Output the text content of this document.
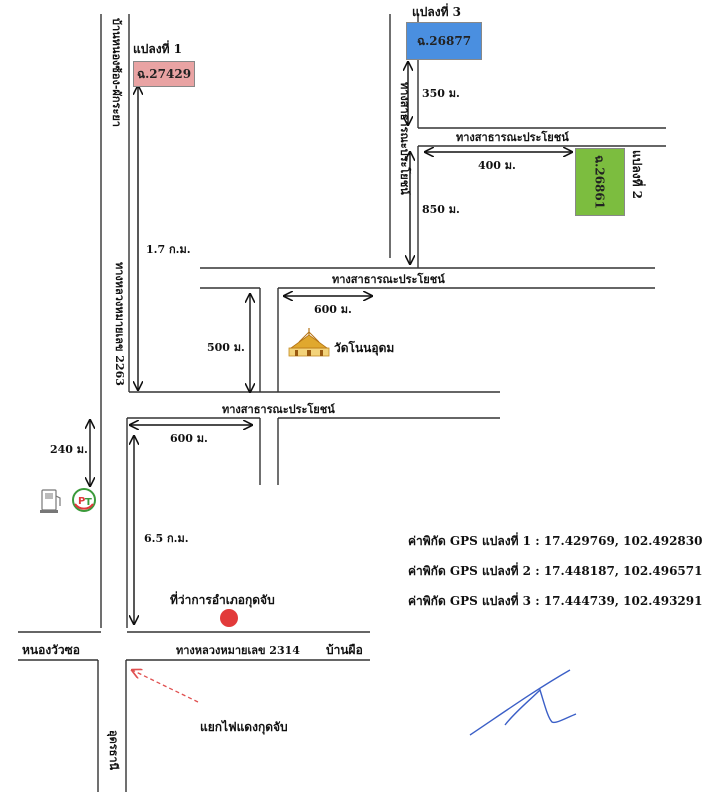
P T
ฉ.27429
แปลงที่ 1
ฉ.26877
แปลงที่ 3
ฉ.26861 แปลงที่ 2
บ้านหนองซ้อง-ผักระยา
ทางหลวงหมายเลข 2263
ทางสาธารณะประโยชน์
อุดรธานี
ทางสาธารณะประโยชน์
ทางสาธารณะประโยชน์
ทางสาธารณะประโยชน์
ทางหลวงหมายเลข 2314
350 ม.
400 ม.
850 ม.
1.7 ก.ม.
600 ม.
500 ม.
600 ม.
240 ม.
6.5 ก.ม.
วัดโนนอุดม
ที่ว่าการอำเภอกุดจับ
หนองวัวซอ	บ้านผือ
แยกไฟแดงกุดจับ
ค่าพิกัด GPS แปลงที่ 1 : 17.429769, 102.492830
ค่าพิกัด GPS แปลงที่ 2 : 17.448187, 102.496571
ค่าพิกัด GPS แปลงที่ 3 : 17.444739, 102.493291
